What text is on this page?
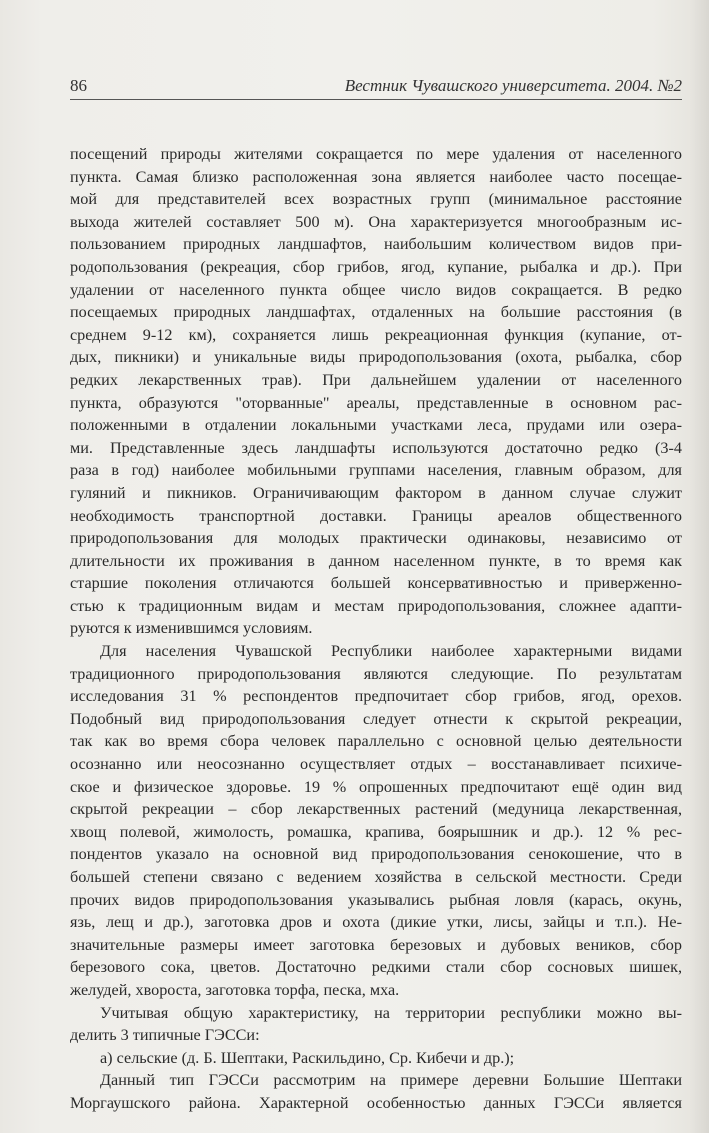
86	Вестник Чувашского университета. 2004. №2
посещений природы жителями сокращается по мере удаления от населенного
пункта. Самая близко расположенная зона является наиболее часто посещае-
мой для представителей всех возрастных групп (минимальное расстояние
выхода жителей составляет 500 м). Она характеризуется многообразным ис-
пользованием природных ландшафтов, наибольшим количеством видов при-
родопользования (рекреация, сбор грибов, ягод, купание, рыбалка и др.). При
удалении от населенного пункта общее число видов сокращается. В редко
посещаемых природных ландшафтах, отдаленных на большие расстояния (в
среднем 9-12 км), сохраняется лишь рекреационная функция (купание, от-
дых, пикники) и уникальные виды природопользования (охота, рыбалка, сбор
редких лекарственных трав). При дальнейшем удалении от населенного
пункта, образуются "оторванные" ареалы, представленные в основном рас-
положенными в отдалении локальными участками леса, прудами или озера-
ми. Представленные здесь ландшафты используются достаточно редко (3-4
раза в год) наиболее мобильными группами населения, главным образом, для
гуляний и пикников. Ограничивающим фактором в данном случае служит
необходимость транспортной доставки. Границы ареалов общественного
природопользования для молодых практически одинаковы, независимо от
длительности их проживания в данном населенном пункте, в то время как
старшие поколения отличаются большей консервативностью и приверженно-
стью к традиционным видам и местам природопользования, сложнее адапти-
руются к изменившимся условиям.
Для населения Чувашской Республики наиболее характерными видами
традиционного природопользования являются следующие. По результатам
исследования 31 % респондентов предпочитает сбор грибов, ягод, орехов.
Подобный вид природопользования следует отнести к скрытой рекреации,
так как во время сбора человек параллельно с основной целью деятельности
осознанно или неосознанно осуществляет отдых – восстанавливает психиче-
ское и физическое здоровье. 19 % опрошенных предпочитают ещё один вид
скрытой рекреации – сбор лекарственных растений (медуница лекарственная,
хвощ полевой, жимолость, ромашка, крапива, боярышник и др.). 12 % рес-
пондентов указало на основной вид природопользования сенокошение, что в
большей степени связано с ведением хозяйства в сельской местности. Среди
прочих видов природопользования указывались рыбная ловля (карась, окунь,
язь, лещ и др.), заготовка дров и охота (дикие утки, лисы, зайцы и т.п.). Не-
значительные размеры имеет заготовка березовых и дубовых веников, сбор
березового сока, цветов. Достаточно редкими стали сбор сосновых шишек,
желудей, хвороста, заготовка торфа, песка, мха.
Учитывая общую характеристику, на территории республики можно вы-
делить 3 типичные ГЭССи:
а) сельские (д. Б. Шептаки, Раскильдино, Ср. Кибечи и др.);
Данный тип ГЭССи рассмотрим на примере деревни Большие Шептаки
Моргаушского района. Характерной особенностью данных ГЭССи является
